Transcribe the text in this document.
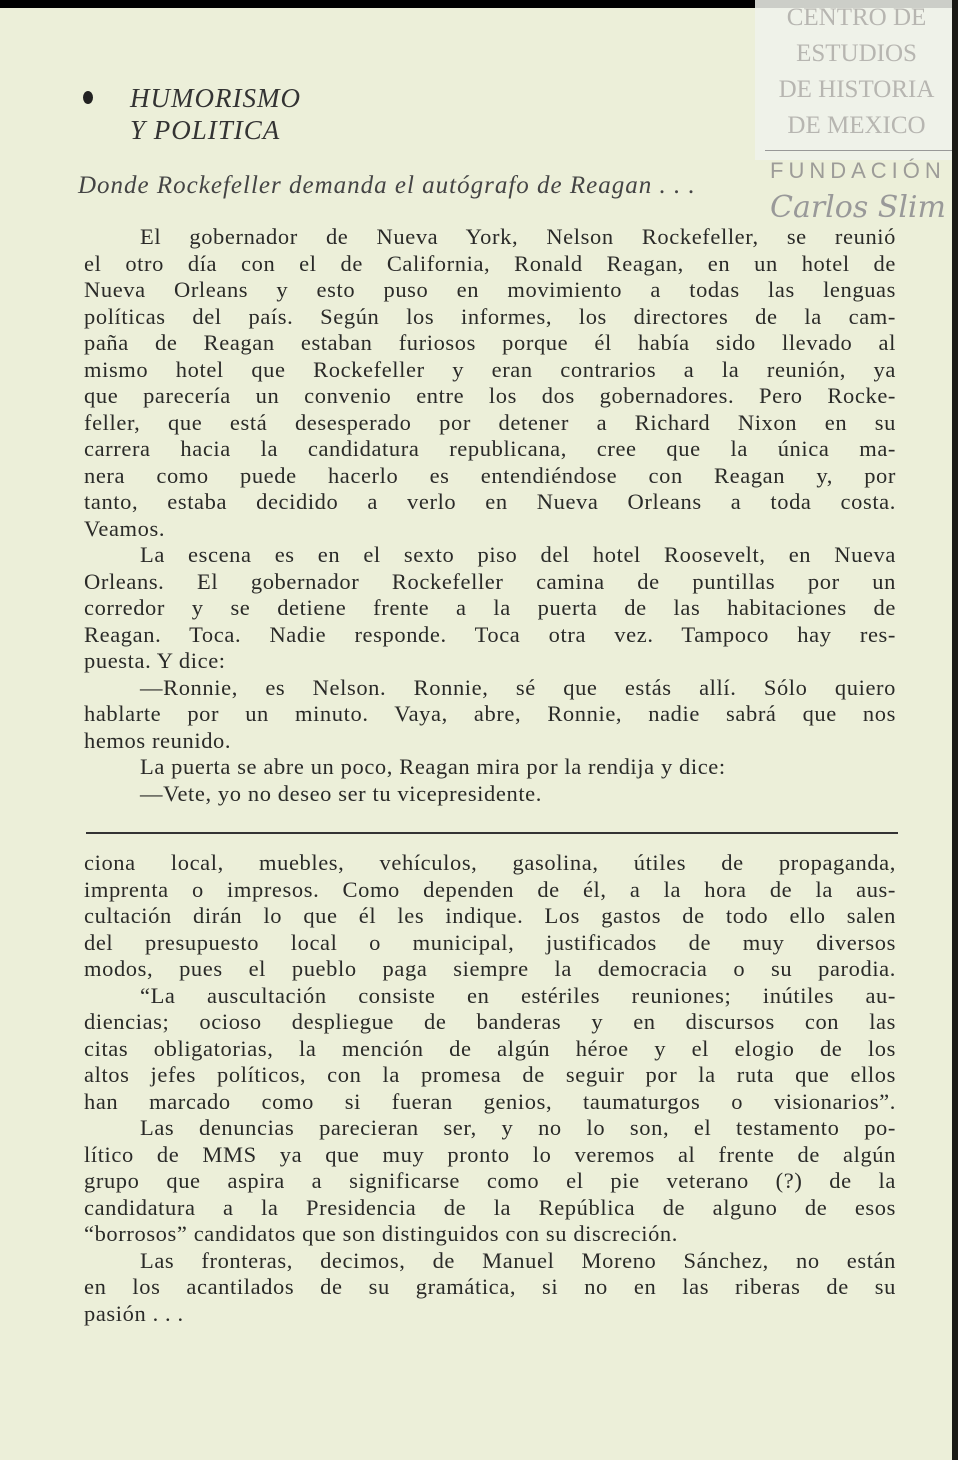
HUMORISMO
Y POLITICA
Donde Rockefeller demanda el autógrafo de Reagan . . .
El gobernador de Nueva York, Nelson Rockefeller, se reunió
el otro día con el de California, Ronald Reagan, en un hotel de
Nueva Orleans y esto puso en movimiento a todas las lenguas
políticas del país. Según los informes, los directores de la cam-
paña de Reagan estaban furiosos porque él había sido llevado al
mismo hotel que Rockefeller y eran contrarios a la reunión, ya
que parecería un convenio entre los dos gobernadores. Pero Rocke-
feller, que está desesperado por detener a Richard Nixon en su
carrera hacia la candidatura republicana, cree que la única ma-
nera como puede hacerlo es entendiéndose con Reagan y, por
tanto, estaba decidido a verlo en Nueva Orleans a toda costa.
Veamos.
La escena es en el sexto piso del hotel Roosevelt, en Nueva
Orleans. El gobernador Rockefeller camina de puntillas por un
corredor y se detiene frente a la puerta de las habitaciones de
Reagan. Toca. Nadie responde. Toca otra vez. Tampoco hay res-
puesta. Y dice:
—Ronnie, es Nelson. Ronnie, sé que estás allí. Sólo quiero
hablarte por un minuto. Vaya, abre, Ronnie, nadie sabrá que nos
hemos reunido.
La puerta se abre un poco, Reagan mira por la rendija y dice:
—Vete, yo no deseo ser tu vicepresidente.
ciona local, muebles, vehículos, gasolina, útiles de propaganda,
imprenta o impresos. Como dependen de él, a la hora de la aus-
cultación dirán lo que él les indique. Los gastos de todo ello salen
del presupuesto local o municipal, justificados de muy diversos
modos, pues el pueblo paga siempre la democracia o su parodia.
“La auscultación consiste en estériles reuniones; inútiles au-
diencias; ocioso despliegue de banderas y en discursos con las
citas obligatorias, la mención de algún héroe y el elogio de los
altos jefes políticos, con la promesa de seguir por la ruta que ellos
han marcado como si fueran genios, taumaturgos o visionarios”.
Las denuncias parecieran ser, y no lo son, el testamento po-
lítico de MMS ya que muy pronto lo veremos al frente de algún
grupo que aspira a significarse como el pie veterano (?) de la
candidatura a la Presidencia de la República de alguno de esos
“borrosos” candidatos que son distinguidos con su discreción.
Las fronteras, decimos, de Manuel Moreno Sánchez, no están
en los acantilados de su gramática, si no en las riberas de su
pasión . . .
CENTRO DE
ESTUDIOS
DE HISTORIA
DE MEXICO
FUNDACIÓN
Carlos Slim
